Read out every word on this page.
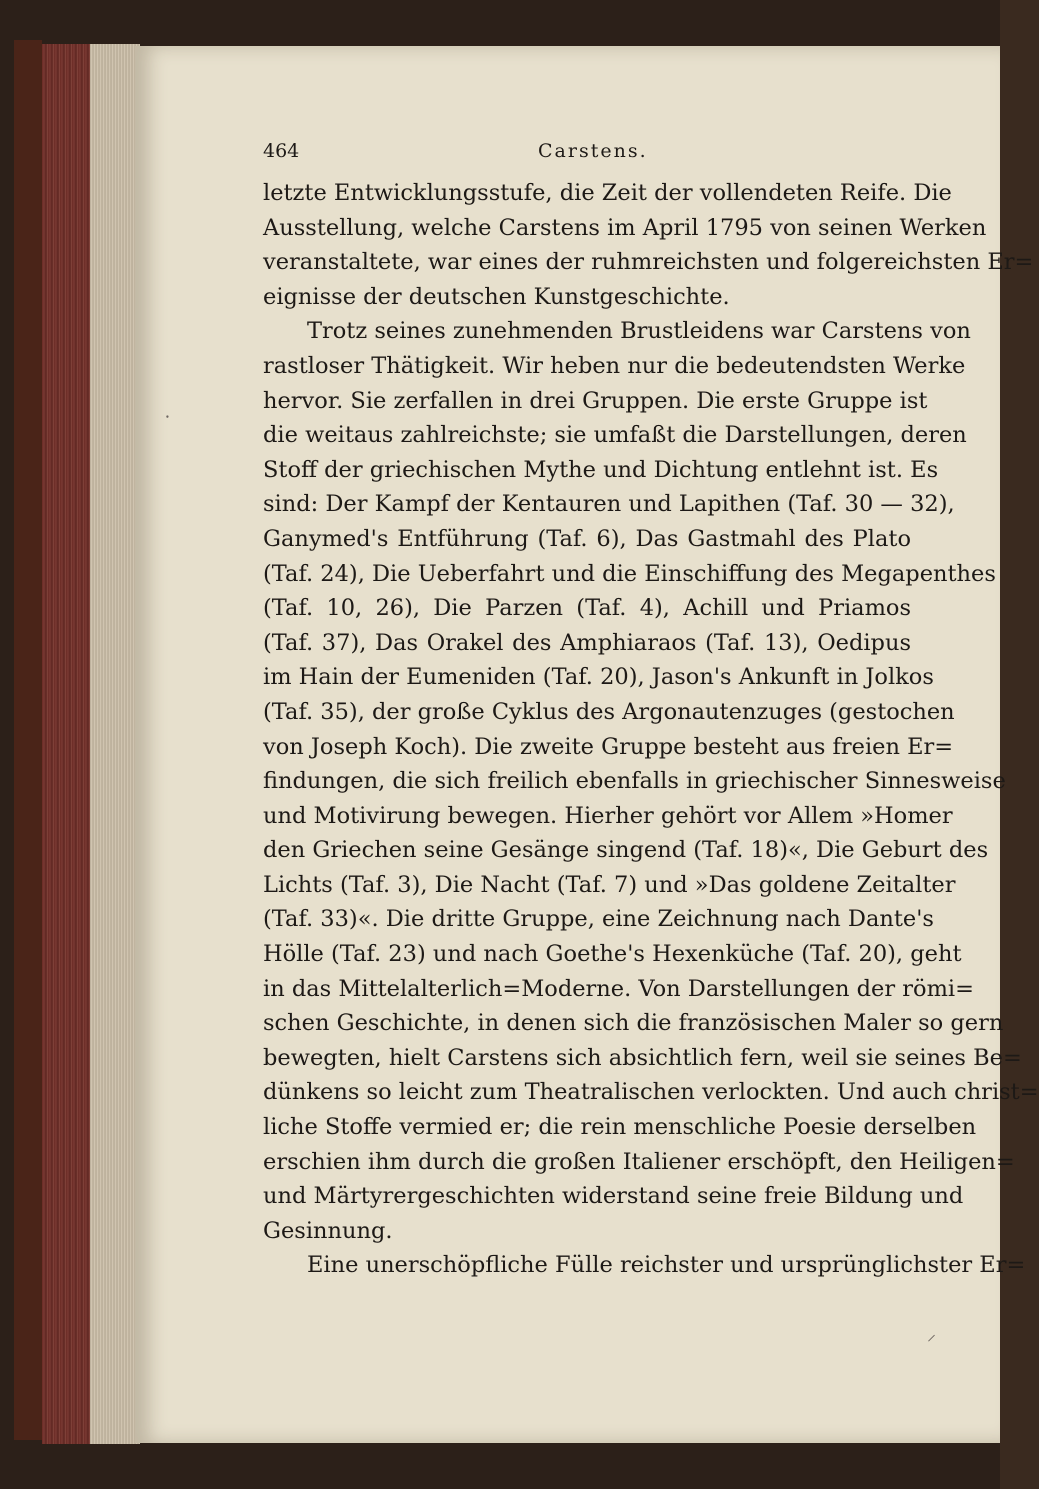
464	Carstens.
letzte Entwicklungsstufe, die Zeit der vollendeten Reife. Die
Ausstellung, welche Carstens im April 1795 von seinen Werken
veranstaltete, war eines der ruhmreichsten und folgereichsten Er=
eignisse der deutschen Kunstgeschichte.
Trotz seines zunehmenden Brustleidens war Carstens von
rastloser Thätigkeit. Wir heben nur die bedeutendsten Werke
hervor. Sie zerfallen in drei Gruppen. Die erste Gruppe ist
die weitaus zahlreichste; sie umfaßt die Darstellungen, deren
Stoff der griechischen Mythe und Dichtung entlehnt ist. Es
sind: Der Kampf der Kentauren und Lapithen (Taf. 30 — 32),
Ganymed's Entführung (Taf. 6), Das Gastmahl des Plato
(Taf. 24), Die Ueberfahrt und die Einschiffung des Megapenthes
(Taf. 10, 26), Die Parzen (Taf. 4), Achill und Priamos
(Taf. 37), Das Orakel des Amphiaraos (Taf. 13), Oedipus
im Hain der Eumeniden (Taf. 20), Jason's Ankunft in Jolkos
(Taf. 35), der große Cyklus des Argonautenzuges (gestochen
von Joseph Koch). Die zweite Gruppe besteht aus freien Er=
findungen, die sich freilich ebenfalls in griechischer Sinnesweise
und Motivirung bewegen. Hierher gehört vor Allem »Homer
den Griechen seine Gesänge singend (Taf. 18)«, Die Geburt des
Lichts (Taf. 3), Die Nacht (Taf. 7) und »Das goldene Zeitalter
(Taf. 33)«. Die dritte Gruppe, eine Zeichnung nach Dante's
Hölle (Taf. 23) und nach Goethe's Hexenküche (Taf. 20), geht
in das Mittelalterlich=Moderne. Von Darstellungen der römi=
schen Geschichte, in denen sich die französischen Maler so gern
bewegten, hielt Carstens sich absichtlich fern, weil sie seines Be=
dünkens so leicht zum Theatralischen verlockten. Und auch christ=
liche Stoffe vermied er; die rein menschliche Poesie derselben
erschien ihm durch die großen Italiener erschöpft, den Heiligen=
und Märtyrergeschichten widerstand seine freie Bildung und
Gesinnung.
Eine unerschöpfliche Fülle reichster und ursprünglichster Er=
⸱
⸝
